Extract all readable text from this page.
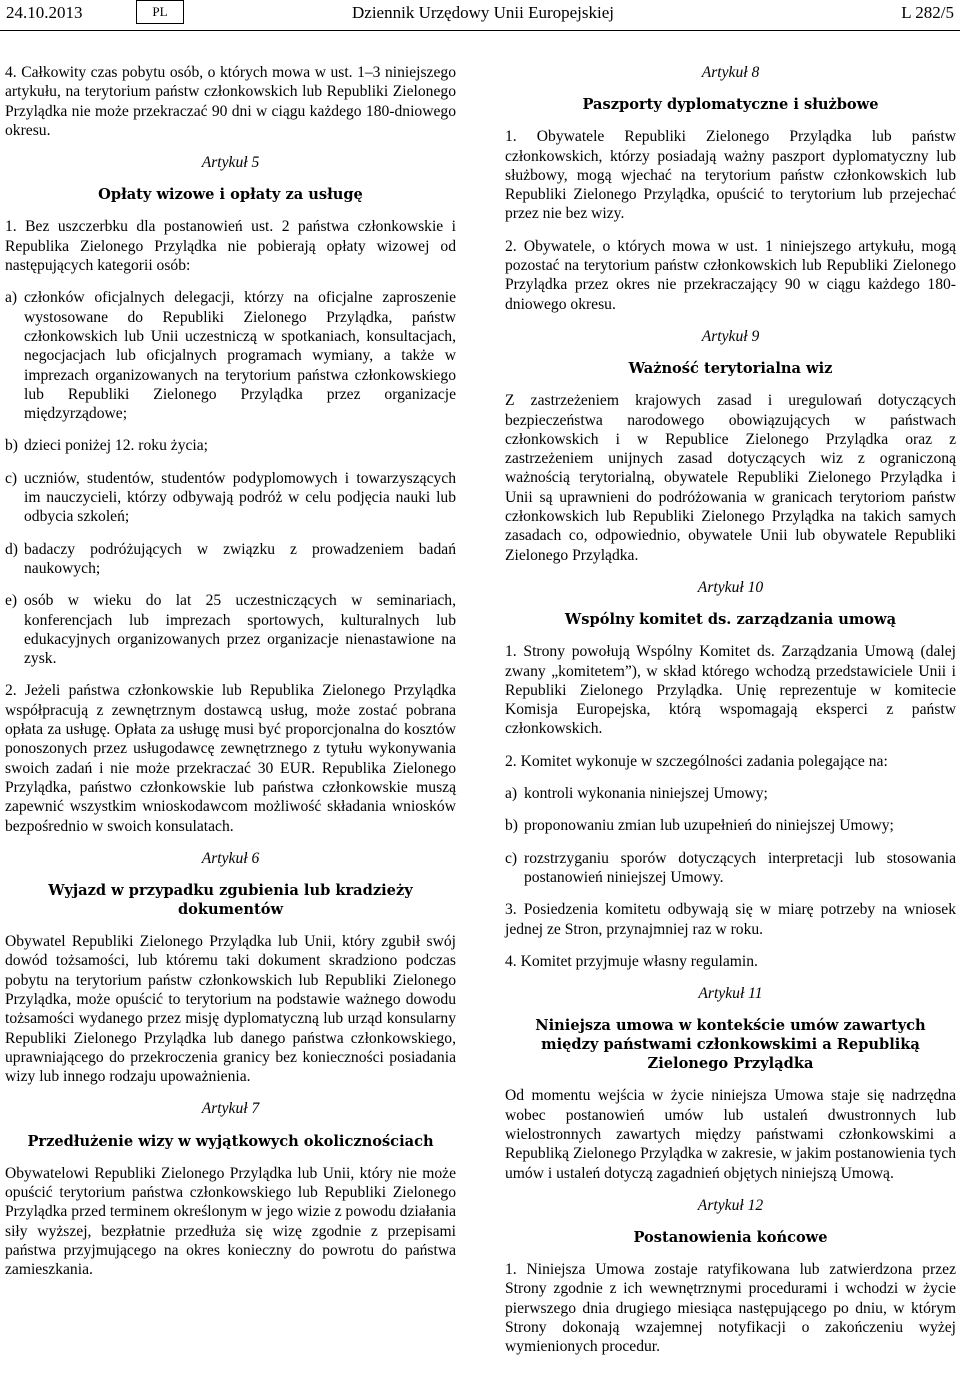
24.10.2013	PL	Dziennik Urzędowy Unii Europejskiej	L 282/5

4. Całkowity czas pobytu osób, o których mowa w ust. 1–3 niniejszego artykułu, na terytorium państw członkowskich lub Republiki Zielonego Przylądka nie może przekraczać 90 dni w ciągu każdego 180-dniowego okresu.

Artykuł 5

Opłaty wizowe i opłaty za usługę

1. Bez uszczerbku dla postanowień ust. 2 państwa członkowskie i Republika Zielonego Przylądka nie pobierają opłaty wizowej od następujących kategorii osób:

a) członków oficjalnych delegacji, którzy na oficjalne zaproszenie wystosowane do Republiki Zielonego Przylądka, państw członkowskich lub Unii uczestniczą w spotkaniach, konsultacjach, negocjacjach lub oficjalnych programach wymiany, a także w imprezach organizowanych na terytorium państwa członkowskiego lub Republiki Zielonego Przylądka przez organizacje międzyrządowe;
b) dzieci poniżej 12. roku życia;
c) uczniów, studentów, studentów podyplomowych i towarzyszących im nauczycieli, którzy odbywają podróż w celu podjęcia nauki lub odbycia szkoleń;
d) badaczy podróżujących w związku z prowadzeniem badań naukowych;
e) osób w wieku do lat 25 uczestniczących w seminariach, konferencjach lub imprezach sportowych, kulturalnych lub edukacyjnych organizowanych przez organizacje nienastawione na zysk.

2. Jeżeli państwa członkowskie lub Republika Zielonego Przylądka współpracują z zewnętrznym dostawcą usług, może zostać pobrana opłata za usługę. Opłata za usługę musi być proporcjonalna do kosztów ponoszonych przez usługodawcę zewnętrznego z tytułu wykonywania swoich zadań i nie może przekraczać 30 EUR. Republika Zielonego Przylądka, państwo członkowskie lub państwa członkowskie muszą zapewnić wszystkim wnioskodawcom możliwość składania wniosków bezpośrednio w swoich konsulatach.

Artykuł 6

Wyjazd w przypadku zgubienia lub kradzieży dokumentów

Obywatel Republiki Zielonego Przylądka lub Unii, który zgubił swój dowód tożsamości, lub któremu taki dokument skradziono podczas pobytu na terytorium państw członkowskich lub Republiki Zielonego Przylądka, może opuścić to terytorium na podstawie ważnego dowodu tożsamości wydanego przez misję dyplomatyczną lub urząd konsularny Republiki Zielonego Przylądka lub danego państwa członkowskiego, uprawniającego do przekroczenia granicy bez konieczności posiadania wizy lub innego rodzaju upoważnienia.

Artykuł 7

Przedłużenie wizy w wyjątkowych okolicznościach

Obywatelowi Republiki Zielonego Przylądka lub Unii, który nie może opuścić terytorium państwa członkowskiego lub Republiki Zielonego Przylądka przed terminem określonym w jego wizie z powodu działania siły wyższej, bezpłatnie przedłuża się wizę zgodnie z przepisami państwa przyjmującego na okres konieczny do powrotu do państwa zamieszkania.

Artykuł 8

Paszporty dyplomatyczne i służbowe

1. Obywatele Republiki Zielonego Przylądka lub państw członkowskich, którzy posiadają ważny paszport dyplomatyczny lub służbowy, mogą wjechać na terytorium państw członkowskich lub Republiki Zielonego Przylądka, opuścić to terytorium lub przejechać przez nie bez wizy.

2. Obywatele, o których mowa w ust. 1 niniejszego artykułu, mogą pozostać na terytorium państw członkowskich lub Republiki Zielonego Przylądka przez okres nie przekraczający 90 w ciągu każdego 180-dniowego okresu.

Artykuł 9

Ważność terytorialna wiz

Z zastrzeżeniem krajowych zasad i uregulowań dotyczących bezpieczeństwa narodowego obowiązujących w państwach członkowskich i w Republice Zielonego Przylądka oraz z zastrzeżeniem unijnych zasad dotyczących wiz z ograniczoną ważnością terytorialną, obywatele Republiki Zielonego Przylądka i Unii są uprawnieni do podróżowania w granicach terytoriom państw członkowskich lub Republiki Zielonego Przylądka na takich samych zasadach co, odpowiednio, obywatele Unii lub obywatele Republiki Zielonego Przylądka.

Artykuł 10

Wspólny komitet ds. zarządzania umową

1. Strony powołują Wspólny Komitet ds. Zarządzania Umową (dalej zwany „komitetem”), w skład którego wchodzą przedstawiciele Unii i Republiki Zielonego Przylądka. Unię reprezentuje w komitecie Komisja Europejska, którą wspomagają eksperci z państw członkowskich.

2. Komitet wykonuje w szczególności zadania polegające na:

a) kontroli wykonania niniejszej Umowy;
b) proponowaniu zmian lub uzupełnień do niniejszej Umowy;
c) rozstrzyganiu sporów dotyczących interpretacji lub stosowania postanowień niniejszej Umowy.

3. Posiedzenia komitetu odbywają się w miarę potrzeby na wniosek jednej ze Stron, przynajmniej raz w roku.

4. Komitet przyjmuje własny regulamin.

Artykuł 11

Niniejsza umowa w kontekście umów zawartych między państwami członkowskimi a Republiką Zielonego Przylądka

Od momentu wejścia w życie niniejsza Umowa staje się nadrzędna wobec postanowień umów lub ustaleń dwustronnych lub wielostronnych zawartych między państwami członkowskimi a Republiką Zielonego Przylądka w zakresie, w jakim postanowienia tych umów i ustaleń dotyczą zagadnień objętych niniejszą Umową.

Artykuł 12

Postanowienia końcowe

1. Niniejsza Umowa zostaje ratyfikowana lub zatwierdzona przez Strony zgodnie z ich wewnętrznymi procedurami i wchodzi w życie pierwszego dnia drugiego miesiąca następującego po dniu, w którym Strony dokonają wzajemnej notyfikacji o zakończeniu wyżej wymienionych procedur.
